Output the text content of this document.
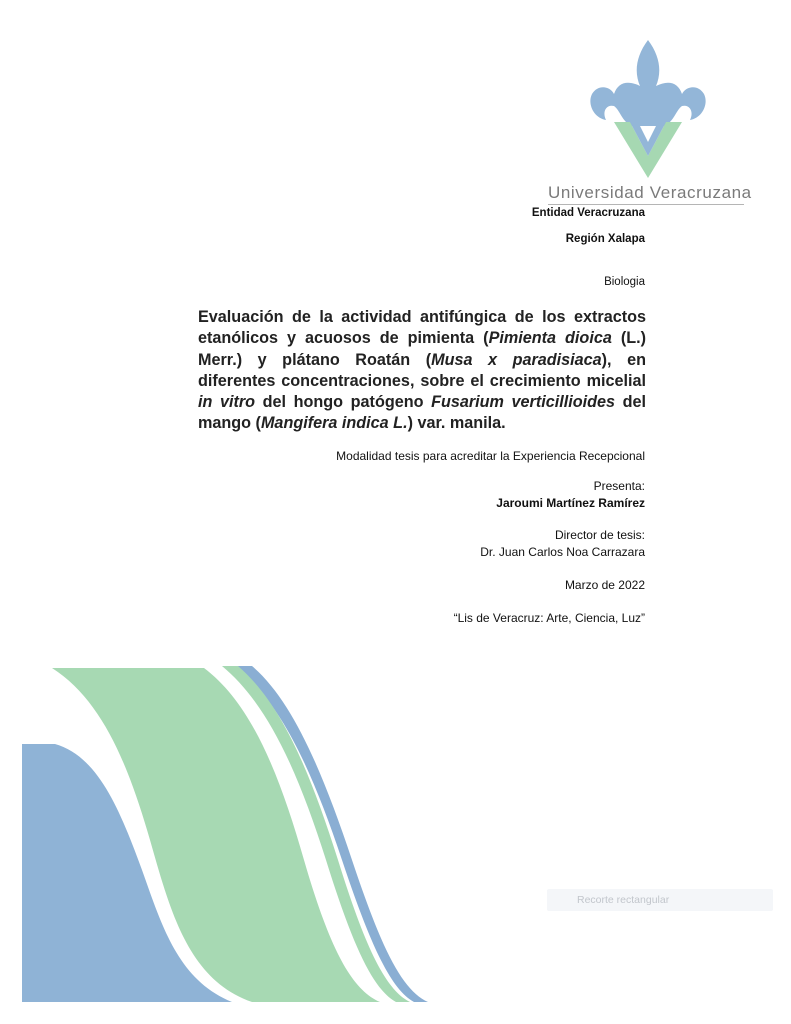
Universidad Veracruzana
Entidad Veracruzana
Región Xalapa
Biologia
Evaluación de la actividad antifúngica de los extractos etanólicos y acuosos de pimienta (Pimienta dioica (L.) Merr.) y plátano Roatán (Musa x paradisiaca), en diferentes concentraciones, sobre el crecimiento micelial in vitro del hongo patógeno Fusarium verticillioides del mango (Mangifera indica L.) var. manila.
Modalidad tesis para acreditar la Experiencia Recepcional
Presenta:
Jaroumi Martínez Ramírez
Director de tesis:
Dr. Juan Carlos Noa Carrazara
Marzo de 2022
“Lis de Veracruz: Arte, Ciencia, Luz”
Recorte rectangular
